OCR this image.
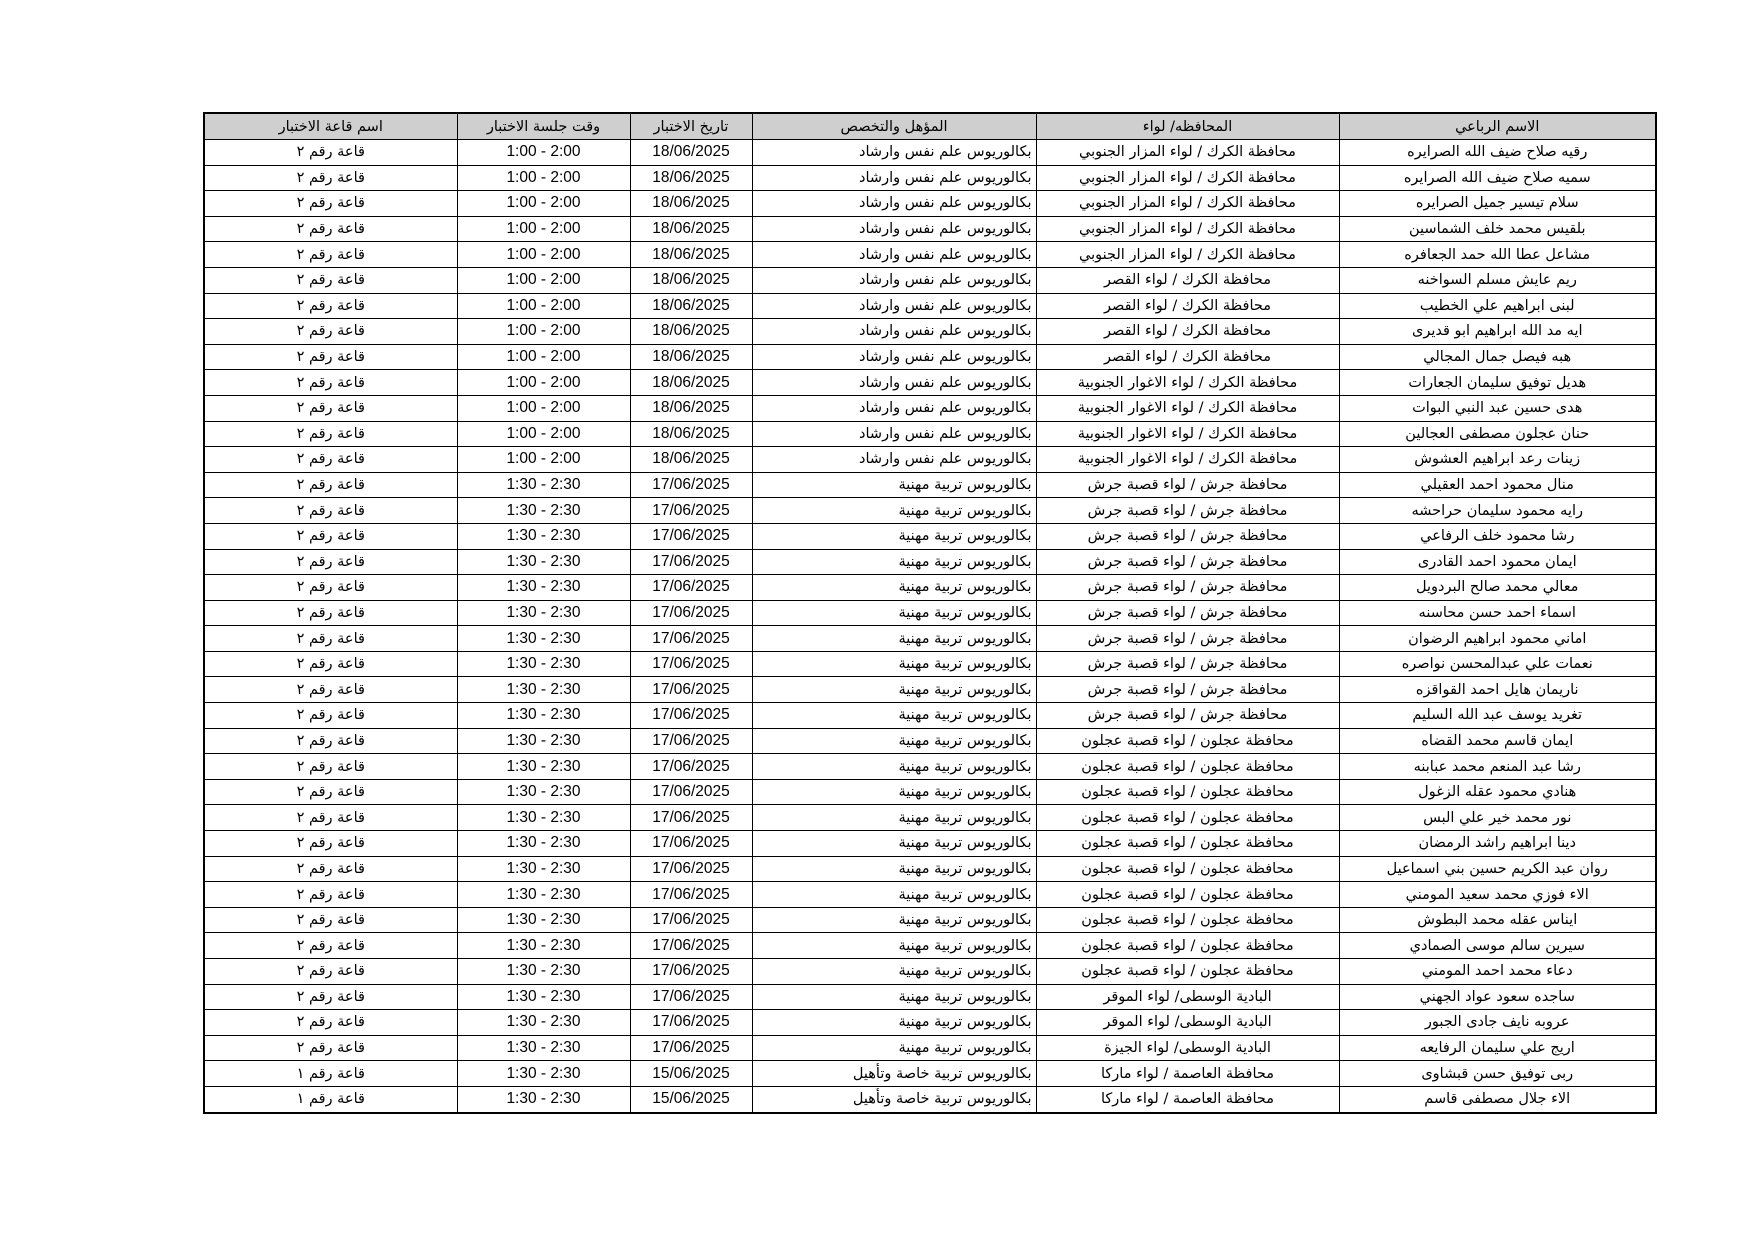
الاسم الرباعي	المحافظه/ لواء	المؤهل والتخصص	تاريخ الاختبار	وقت جلسة الاختبار	اسم قاعة الاختبار
رقيه صلاح ضيف الله الصرايره	محافظة الكرك / لواء المزار الجنوبي	بكالوريوس علم نفس وارشاد	18/06/2025	1:00 - 2:00	قاعة رقم ٢
سميه صلاح ضيف الله الصرايره	محافظة الكرك / لواء المزار الجنوبي	بكالوريوس علم نفس وارشاد	18/06/2025	1:00 - 2:00	قاعة رقم ٢
سلام تيسير جميل الصرايره	محافظة الكرك / لواء المزار الجنوبي	بكالوريوس علم نفس وارشاد	18/06/2025	1:00 - 2:00	قاعة رقم ٢
بلقيس محمد خلف الشماسين	محافظة الكرك / لواء المزار الجنوبي	بكالوريوس علم نفس وارشاد	18/06/2025	1:00 - 2:00	قاعة رقم ٢
مشاعل عطا الله حمد الجعافره	محافظة الكرك / لواء المزار الجنوبي	بكالوريوس علم نفس وارشاد	18/06/2025	1:00 - 2:00	قاعة رقم ٢
ريم عايش مسلم السواخنه	محافظة الكرك / لواء القصر	بكالوريوس علم نفس وارشاد	18/06/2025	1:00 - 2:00	قاعة رقم ٢
لبنى ابراهيم علي الخطيب	محافظة الكرك / لواء القصر	بكالوريوس علم نفس وارشاد	18/06/2025	1:00 - 2:00	قاعة رقم ٢
ايه مد الله ابراهيم ابو قديرى	محافظة الكرك / لواء القصر	بكالوريوس علم نفس وارشاد	18/06/2025	1:00 - 2:00	قاعة رقم ٢
هبه فيصل جمال المجالي	محافظة الكرك / لواء القصر	بكالوريوس علم نفس وارشاد	18/06/2025	1:00 - 2:00	قاعة رقم ٢
هديل توفيق سليمان الجعارات	محافظة الكرك / لواء الاغوار الجنوبية	بكالوريوس علم نفس وارشاد	18/06/2025	1:00 - 2:00	قاعة رقم ٢
هدى حسين عبد النبي البوات	محافظة الكرك / لواء الاغوار الجنوبية	بكالوريوس علم نفس وارشاد	18/06/2025	1:00 - 2:00	قاعة رقم ٢
حنان عجلون مصطفى العجالين	محافظة الكرك / لواء الاغوار الجنوبية	بكالوريوس علم نفس وارشاد	18/06/2025	1:00 - 2:00	قاعة رقم ٢
زينات رعد ابراهيم العشوش	محافظة الكرك / لواء الاغوار الجنوبية	بكالوريوس علم نفس وارشاد	18/06/2025	1:00 - 2:00	قاعة رقم ٢
منال محمود احمد العقيلي	محافظة جرش / لواء قصبة جرش	بكالوريوس تربية مهنية	17/06/2025	1:30 - 2:30	قاعة رقم ٢
رايه محمود سليمان حراحشه	محافظة جرش / لواء قصبة جرش	بكالوريوس تربية مهنية	17/06/2025	1:30 - 2:30	قاعة رقم ٢
رشا محمود خلف الرفاعي	محافظة جرش / لواء قصبة جرش	بكالوريوس تربية مهنية	17/06/2025	1:30 - 2:30	قاعة رقم ٢
ايمان محمود احمد القادرى	محافظة جرش / لواء قصبة جرش	بكالوريوس تربية مهنية	17/06/2025	1:30 - 2:30	قاعة رقم ٢
معالي محمد صالح البردويل	محافظة جرش / لواء قصبة جرش	بكالوريوس تربية مهنية	17/06/2025	1:30 - 2:30	قاعة رقم ٢
اسماء احمد حسن محاسنه	محافظة جرش / لواء قصبة جرش	بكالوريوس تربية مهنية	17/06/2025	1:30 - 2:30	قاعة رقم ٢
اماني محمود ابراهيم الرضوان	محافظة جرش / لواء قصبة جرش	بكالوريوس تربية مهنية	17/06/2025	1:30 - 2:30	قاعة رقم ٢
نعمات علي عبدالمحسن نواصره	محافظة جرش / لواء قصبة جرش	بكالوريوس تربية مهنية	17/06/2025	1:30 - 2:30	قاعة رقم ٢
ناريمان هايل احمد القواقزه	محافظة جرش / لواء قصبة جرش	بكالوريوس تربية مهنية	17/06/2025	1:30 - 2:30	قاعة رقم ٢
تغريد يوسف عبد الله السليم	محافظة جرش / لواء قصبة جرش	بكالوريوس تربية مهنية	17/06/2025	1:30 - 2:30	قاعة رقم ٢
ايمان قاسم محمد القضاه	محافظة عجلون / لواء قصبة عجلون	بكالوريوس تربية مهنية	17/06/2025	1:30 - 2:30	قاعة رقم ٢
رشا عبد المنعم محمد عبابنه	محافظة عجلون / لواء قصبة عجلون	بكالوريوس تربية مهنية	17/06/2025	1:30 - 2:30	قاعة رقم ٢
هنادي محمود عقله الزغول	محافظة عجلون / لواء قصبة عجلون	بكالوريوس تربية مهنية	17/06/2025	1:30 - 2:30	قاعة رقم ٢
نور محمد خير علي البس	محافظة عجلون / لواء قصبة عجلون	بكالوريوس تربية مهنية	17/06/2025	1:30 - 2:30	قاعة رقم ٢
دينا ابراهيم راشد الرمضان	محافظة عجلون / لواء قصبة عجلون	بكالوريوس تربية مهنية	17/06/2025	1:30 - 2:30	قاعة رقم ٢
روان عبد الكريم حسين بني اسماعيل	محافظة عجلون / لواء قصبة عجلون	بكالوريوس تربية مهنية	17/06/2025	1:30 - 2:30	قاعة رقم ٢
الاء فوزي محمد سعيد المومني	محافظة عجلون / لواء قصبة عجلون	بكالوريوس تربية مهنية	17/06/2025	1:30 - 2:30	قاعة رقم ٢
ايناس عقله محمد البطوش	محافظة عجلون / لواء قصبة عجلون	بكالوريوس تربية مهنية	17/06/2025	1:30 - 2:30	قاعة رقم ٢
سيرين سالم موسى الصمادي	محافظة عجلون / لواء قصبة عجلون	بكالوريوس تربية مهنية	17/06/2025	1:30 - 2:30	قاعة رقم ٢
دعاء محمد احمد المومني	محافظة عجلون / لواء قصبة عجلون	بكالوريوس تربية مهنية	17/06/2025	1:30 - 2:30	قاعة رقم ٢
ساجده سعود عواد الجهني	البادية الوسطى/ لواء الموقر	بكالوريوس تربية مهنية	17/06/2025	1:30 - 2:30	قاعة رقم ٢
عروبه نايف جادى الجبور	البادية الوسطى/ لواء الموقر	بكالوريوس تربية مهنية	17/06/2025	1:30 - 2:30	قاعة رقم ٢
اريج علي سليمان الرفايعه	البادية الوسطى/ لواء الجيزة	بكالوريوس تربية مهنية	17/06/2025	1:30 - 2:30	قاعة رقم ٢
ربى توفيق حسن قبشاوى	محافظة العاصمة / لواء ماركا	بكالوريوس تربية خاصة وتأهيل	15/06/2025	1:30 - 2:30	قاعة رقم ١
الاء جلال مصطفى قاسم	محافظة العاصمة / لواء ماركا	بكالوريوس تربية خاصة وتأهيل	15/06/2025	1:30 - 2:30	قاعة رقم ١
